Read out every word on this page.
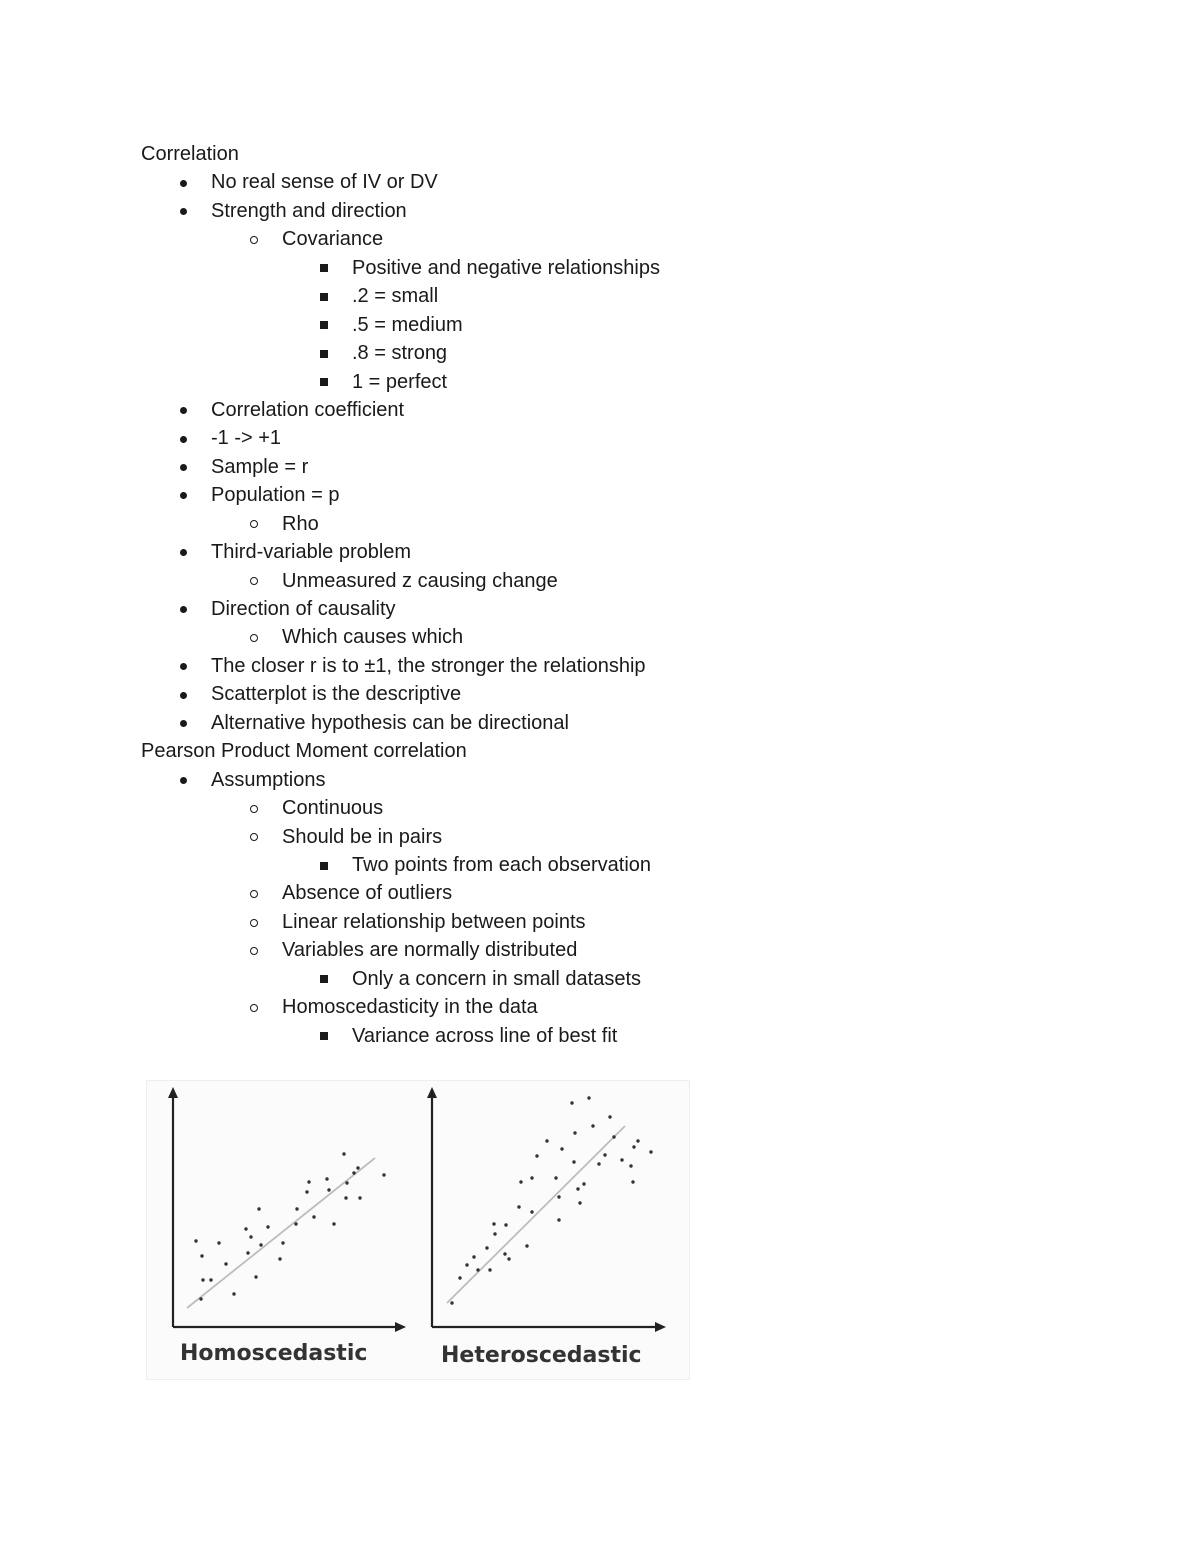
Correlation
No real sense of IV or DV
Strength and direction
Covariance
Positive and negative relationships
.2 = small
.5 = medium
.8 = strong
1 = perfect
Correlation coefficient
-1 -> +1
Sample = r
Population = p
Rho
Third-variable problem
Unmeasured z causing change
Direction of causality
Which causes which
The closer r is to ±1, the stronger the relationship
Scatterplot is the descriptive
Alternative hypothesis can be directional
Pearson Product Moment correlation
Assumptions
Continuous
Should be in pairs
Two points from each observation
Absence of outliers
Linear relationship between points
Variables are normally distributed
Only a concern in small datasets
Homoscedasticity in the data
Variance across line of best fit
Homoscedastic	Heteroscedastic
